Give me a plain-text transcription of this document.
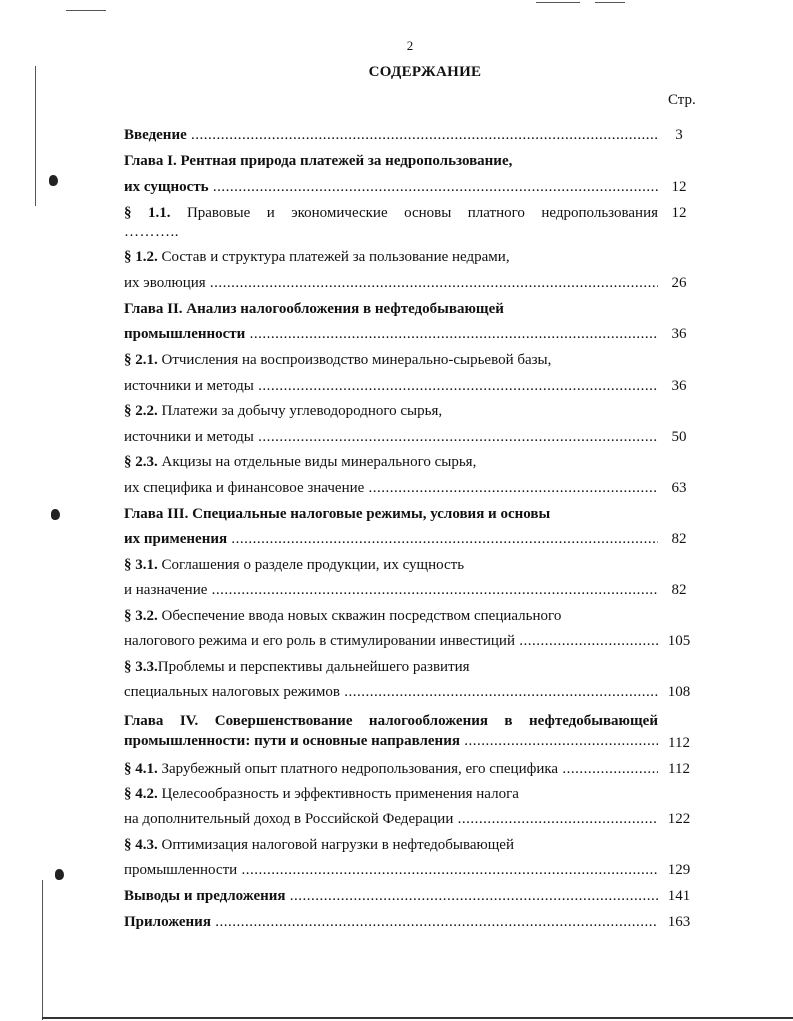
2
СОДЕРЖАНИЕ
Стр.
Введение .....	3
Глава I. Рентная природа платежей за недропользование,
их сущность .....	12
§ 1.1. Правовые и экономические основы платного недропользования 12
………..
§ 1.2. Состав и структура платежей за пользование недрами,
их эволюция .....	26
Глава II. Анализ налогообложения в нефтедобывающей
промышленности .....	36
§ 2.1. Отчисления на воспроизводство минерально-сырьевой базы,
источники и методы .....	36
§ 2.2. Платежи за добычу углеводородного сырья,
источники и методы .....	50
§ 2.3. Акцизы на отдельные виды минерального сырья,
их специфика и финансовое значение .....	63
Глава III. Специальные налоговые режимы, условия и основы
их применения .....	82
§ 3.1. Соглашения о разделе продукции, их сущность
и назначение .....	82
§ 3.2. Обеспечение ввода новых скважин посредством специального
налогового режима и его роль в стимулировании инвестиций .....	105
§ 3.3.Проблемы и перспективы дальнейшего развития
специальных налоговых режимов .....	108
Глава IV. Совершенствование налогообложения в нефтедобывающей
промышленности: пути и основные направления .....	112
§ 4.1. Зарубежный опыт платного недропользования, его специфика .....	112
§ 4.2. Целесообразность и эффективность применения налога
на дополнительный доход в Российской Федерации .....	122
§ 4.3. Оптимизация налоговой нагрузки в нефтедобывающей
промышленности .....	129
Выводы и предложения .....	141
Приложения .....	163
